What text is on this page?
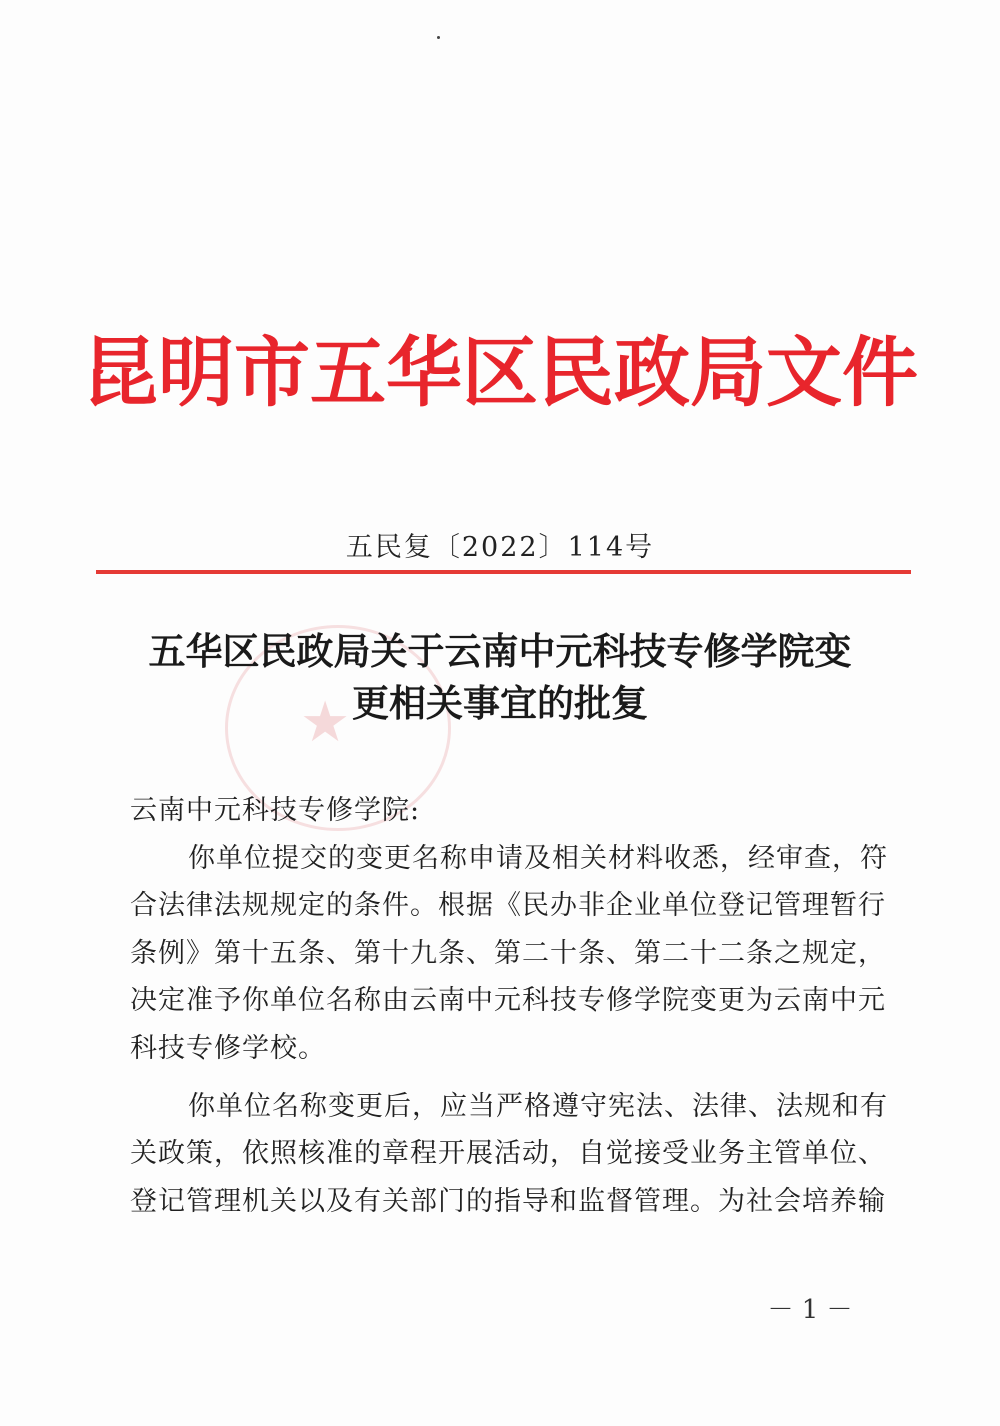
昆明市五华区民政局文件
五民复〔2022〕114号
★
五华区民政局关于云南中元科技专修学院变
更相关事宜的批复
云南中元科技专修学院:
你单位提交的变更名称申请及相关材料收悉，经审查，符
合法律法规规定的条件。根据《民办非企业单位登记管理暂行
条例》第十五条、第十九条、第二十条、第二十二条之规定，
决定准予你单位名称由云南中元科技专修学院变更为云南中元
科技专修学校。
你单位名称变更后，应当严格遵守宪法、法律、法规和有
关政策，依照核准的章程开展活动，自觉接受业务主管单位、
登记管理机关以及有关部门的指导和监督管理。为社会培养输
－ 1 －
